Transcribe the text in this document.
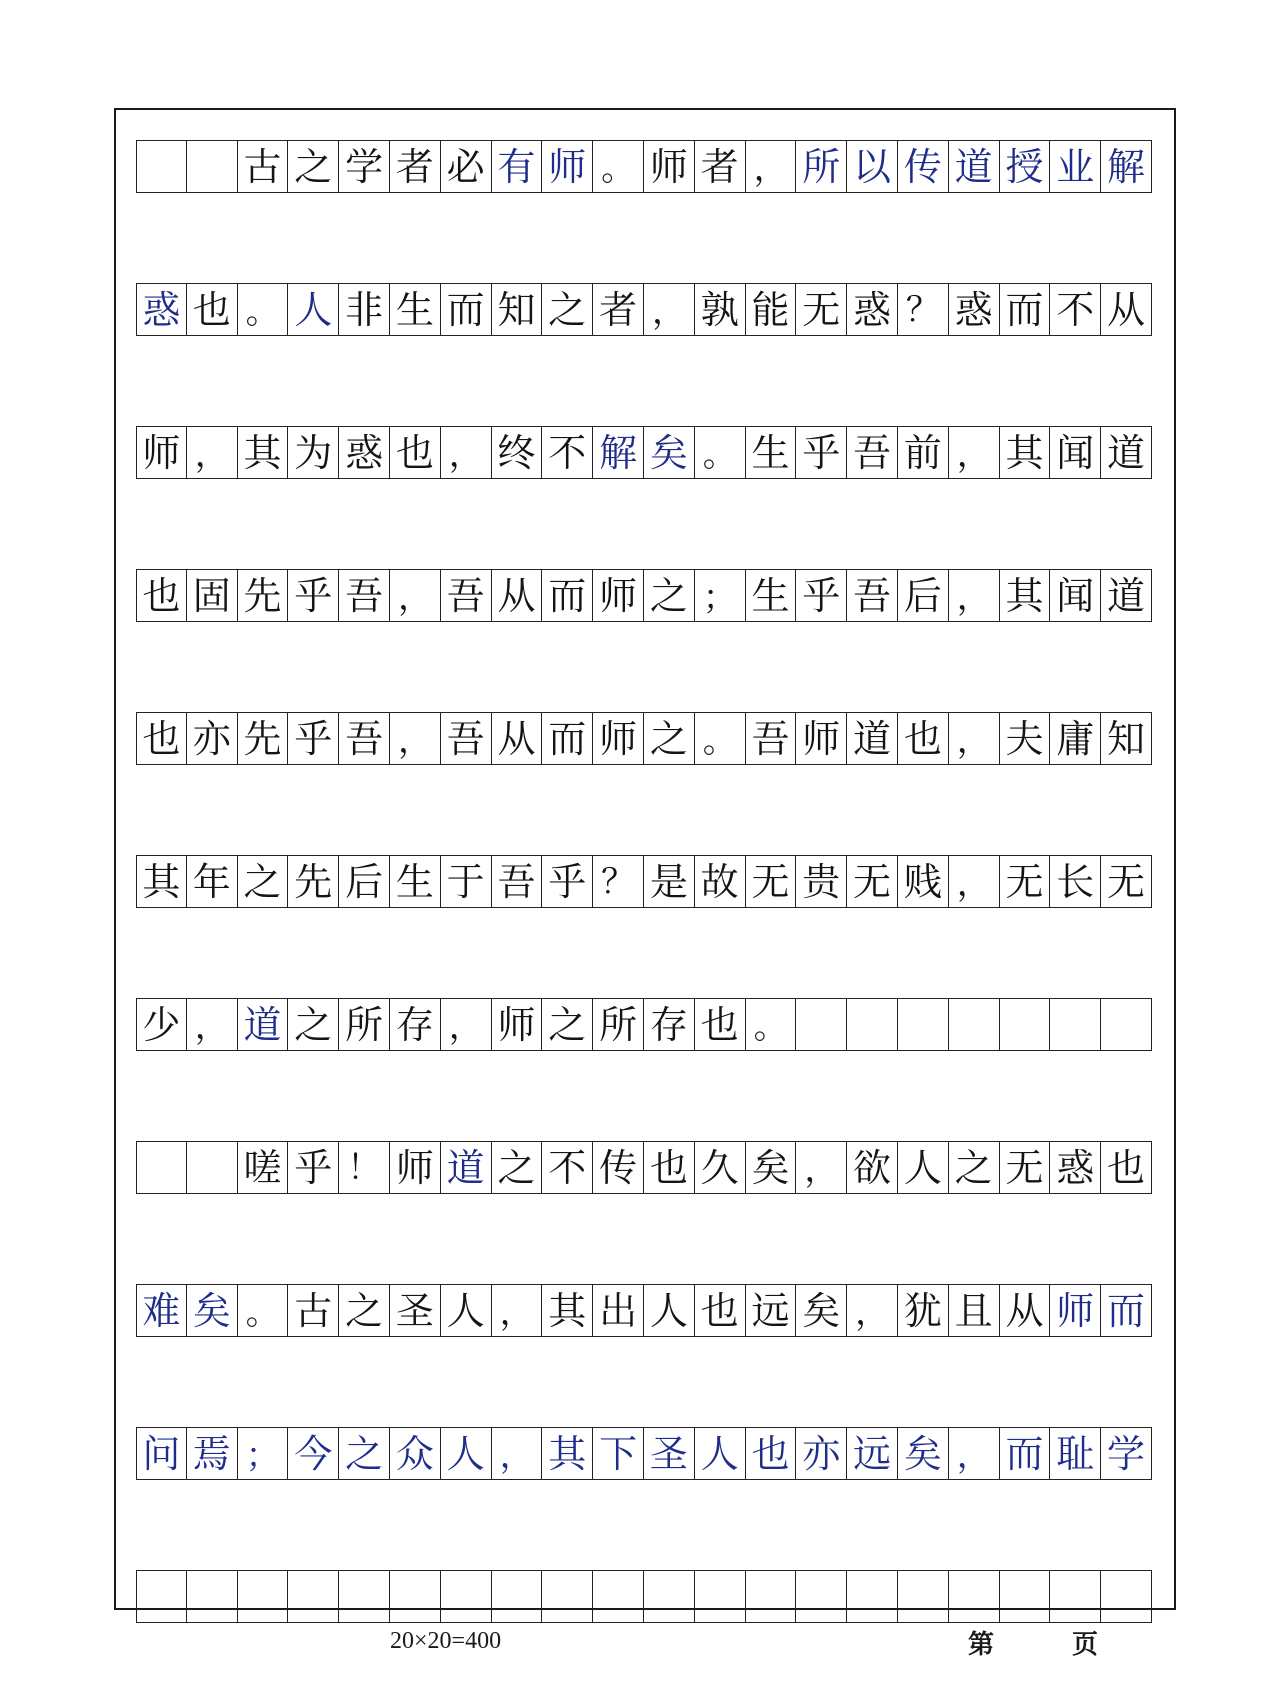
古 之 学 者 必 有 师 。 师 者 ， 所 以 传 道 授 业 解
惑 也 。 人 非 生 而 知 之 者 ， 孰 能 无 惑 ？ 惑 而 不 从
师 ， 其 为 惑 也 ， 终 不 解 矣 。 生 乎 吾 前 ， 其 闻 道
也 固 先 乎 吾 ， 吾 从 而 师 之 ； 生 乎 吾 后 ， 其 闻 道
也 亦 先 乎 吾 ， 吾 从 而 师 之 。 吾 师 道 也 ， 夫 庸 知
其 年 之 先 后 生 于 吾 乎 ？ 是 故 无 贵 无 贱 ， 无 长 无
少 ， 道 之 所 存 ， 师 之 所 存 也 。
嗟 乎 ！ 师 道 之 不 传 也 久 矣 ， 欲 人 之 无 惑 也
难 矣 。 古 之 圣 人 ， 其 出 人 也 远 矣 ， 犹 且 从 师 而
问 焉 ； 今 之 众 人 ， 其 下 圣 人 也 亦 远 矣 ， 而 耻 学
20×20=400	第	页
